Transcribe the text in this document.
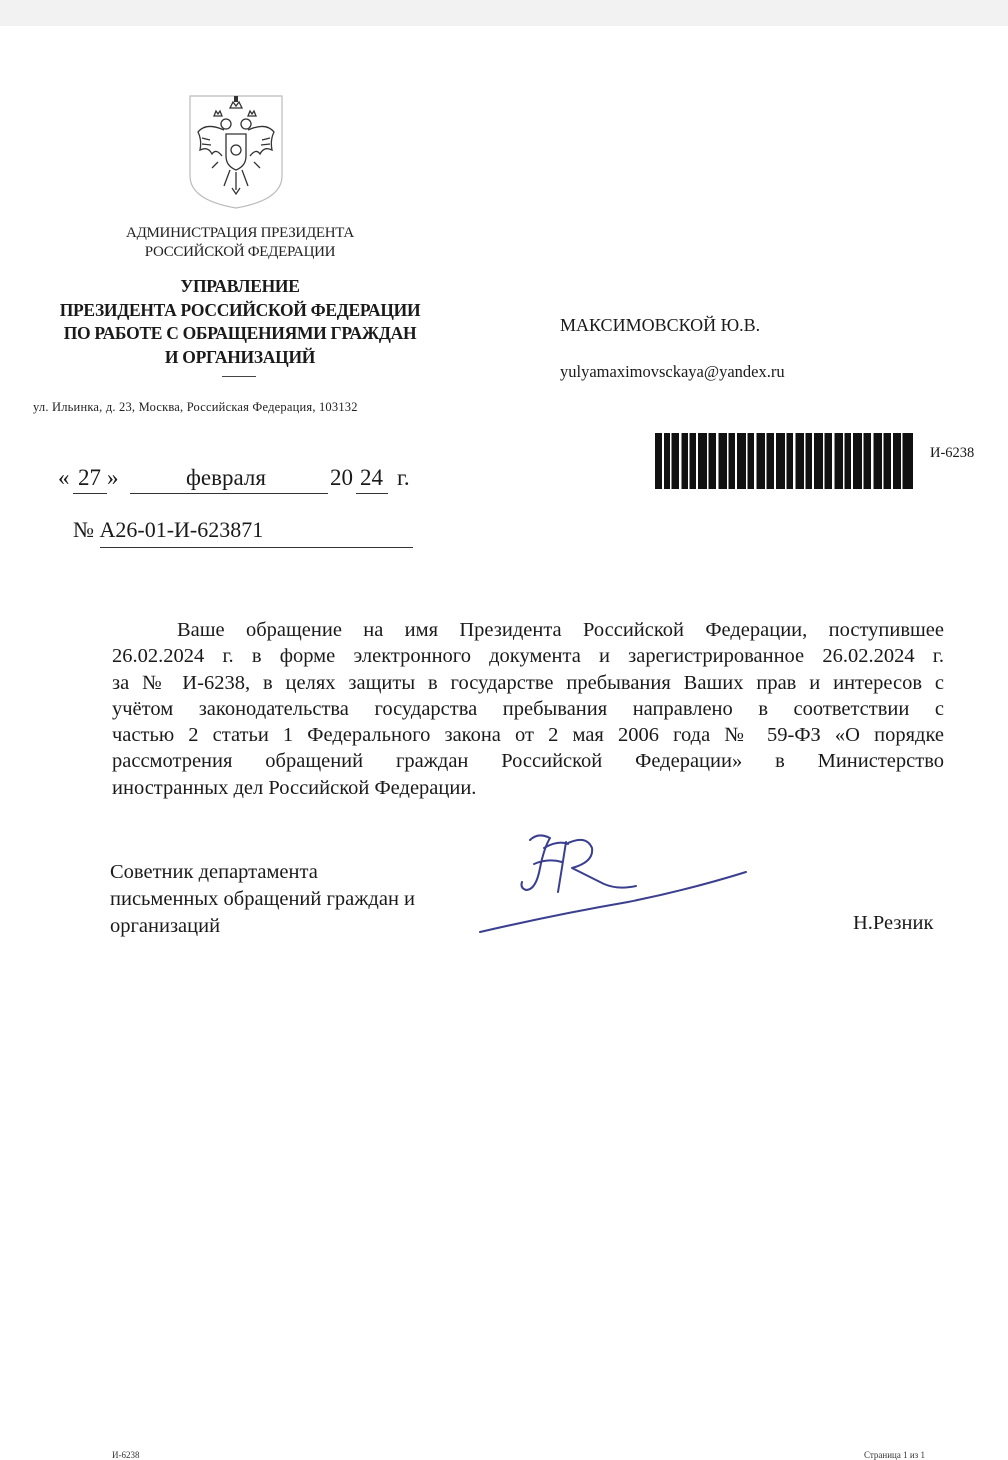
АДМИНИСТРАЦИЯ ПРЕЗИДЕНТА
РОССИЙСКОЙ ФЕДЕРАЦИИ
УПРАВЛЕНИЕ
ПРЕЗИДЕНТА РОССИЙСКОЙ ФЕДЕРАЦИИ
ПО РАБОТЕ С ОБРАЩЕНИЯМИ ГРАЖДАН
И ОРГАНИЗАЦИЙ
ул. Ильинка, д. 23, Москва, Российская Федерация, 103132
« 27 »	февраля	20 24 г.
№ А26-01-И-623871
МАКСИМОВСКОЙ Ю.В.
yulyamaximovsckaya@yandex.ru
И-6238
Ваше обращение на имя Президента Российской Федерации, поступившее
26.02.2024 г. в форме электронного документа и зарегистрированное 26.02.2024 г.
за № И-6238, в целях защиты в государстве пребывания Ваших прав и интересов с
учётом законодательства государства пребывания направлено в соответствии с
частью 2 статьи 1 Федерального закона от 2 мая 2006 года № 59-ФЗ «О порядке
рассмотрения обращений граждан Российской Федерации» в Министерство
иностранных дел Российской Федерации.
Советник департамента
письменных обращений граждан и
организаций	Н.Резник
И-6238	Страница 1 из 1
